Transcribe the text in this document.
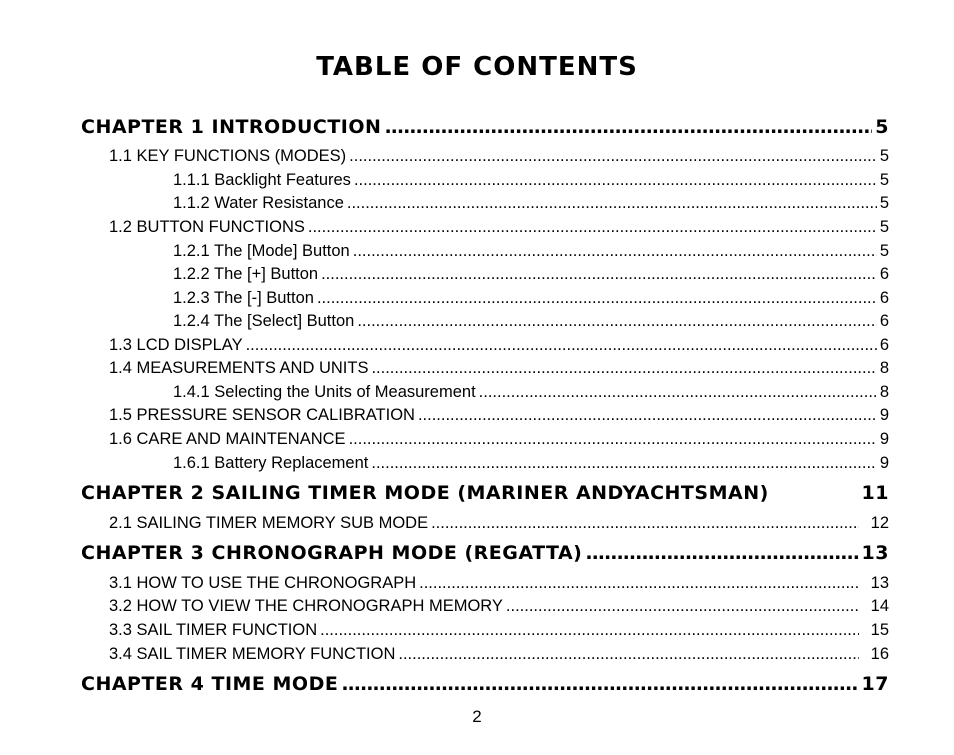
TABLE OF CONTENTS
CHAPTER 1 INTRODUCTION .....	5
1.1 KEY FUNCTIONS (MODES) .....	5
1.1.1 Backlight Features .....	5
1.1.2 Water Resistance .....	5
1.2 BUTTON FUNCTIONS .....	5
1.2.1 The [Mode] Button .....	5
1.2.2 The [+] Button .....	6
1.2.3 The [-] Button .....	6
1.2.4 The [Select] Button .....	6
1.3 LCD DISPLAY .....	6
1.4 MEASUREMENTS AND UNITS .....	8
1.4.1 Selecting the Units of Measurement .....	8
1.5 PRESSURE SENSOR CALIBRATION .....	9
1.6 CARE AND MAINTENANCE .....	9
1.6.1 Battery Replacement .....	9
CHAPTER 2 SAILING TIMER MODE (MARINER ANDYACHTSMAN)	11
2.1 SAILING TIMER MEMORY SUB MODE .....	12
CHAPTER 3 CHRONOGRAPH MODE (REGATTA) .....	13
3.1 HOW TO USE THE CHRONOGRAPH .....	13
3.2 HOW TO VIEW THE CHRONOGRAPH MEMORY .....	14
3.3 SAIL TIMER FUNCTION .....	15
3.4 SAIL TIMER MEMORY FUNCTION .....	16
CHAPTER 4 TIME MODE .....	17
2
